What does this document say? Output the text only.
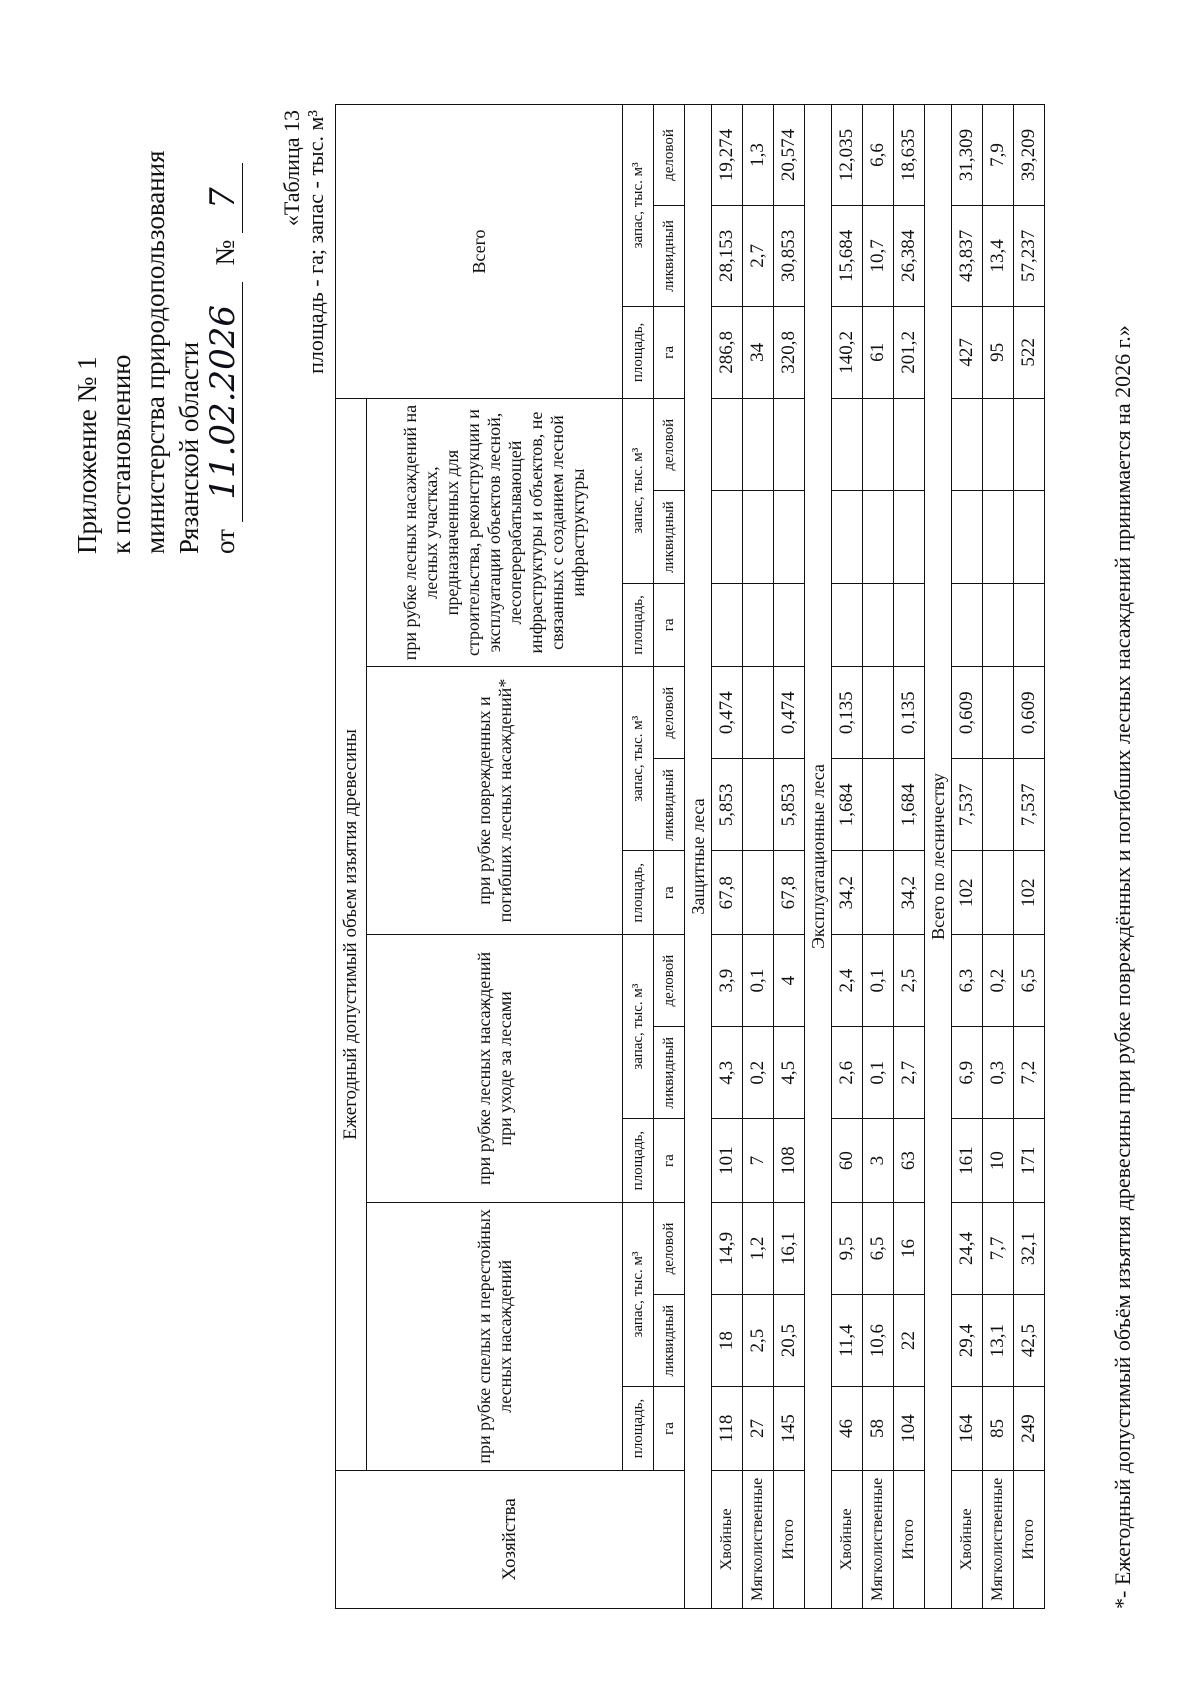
Приложение № 1 к постановлению министерства природопользования Рязанской области от 11.02.2026 № 7 «Таблица 13 площадь - га; запас - тыс. м³
Хозяйства	Ежегодный допустимый объем изъятия древесины												Всего		
	при рубке спелых и перестойных лесных насаждений			при рубке лесных насаждений при уходе за лесами			при рубке поврежденных и погибших лесных насаждений*			при рубке лесных насаждений на лесных участках, предназначенных для строительства, реконструкции и эксплуатации объектов лесной, лесоперерабатывающей инфраструктуры и объектов, не связанных с созданием лесной инфраструктуры					
	площадь,	запас, тыс. м³		площадь,	запас, тыс. м³		площадь,	запас, тыс. м³		площадь,	запас, тыс. м³		площадь,	запас, тыс. м³	
	га	ликвидный	деловой	га	ликвидный	деловой	га	ликвидный	деловой	га	ликвидный	деловой	га	ликвидный	деловой
Защитные леса															
Хвойные	118	18	14,9	101	4,3	3,9	67,8	5,853	0,474				286,8	28,153	19,274
Мягколиственные	27	2,5	1,2	7	0,2	0,1							34	2,7	1,3
Итого	145	20,5	16,1	108	4,5	4	67,8	5,853	0,474				320,8	30,853	20,574
Эксплуатационные леса															
Хвойные	46	11,4	9,5	60	2,6	2,4	34,2	1,684	0,135				140,2	15,684	12,035
Мягколиственные	58	10,6	6,5	3	0,1	0,1							61	10,7	6,6
Итого	104	22	16	63	2,7	2,5	34,2	1,684	0,135				201,2	26,384	18,635
Всего по лесничеству															
Хвойные	164	29,4	24,4	161	6,9	6,3	102	7,537	0,609				427	43,837	31,309
Мягколиственные	85	13,1	7,7	10	0,3	0,2							95	13,4	7,9
Итого	249	42,5	32,1	171	7,2	6,5	102	7,537	0,609				522	57,237	39,209
*- Ежегодный допустимый объём изъятия древесины при рубке повреждённых и погибших лесных насаждений принимается на 2026 г.»
